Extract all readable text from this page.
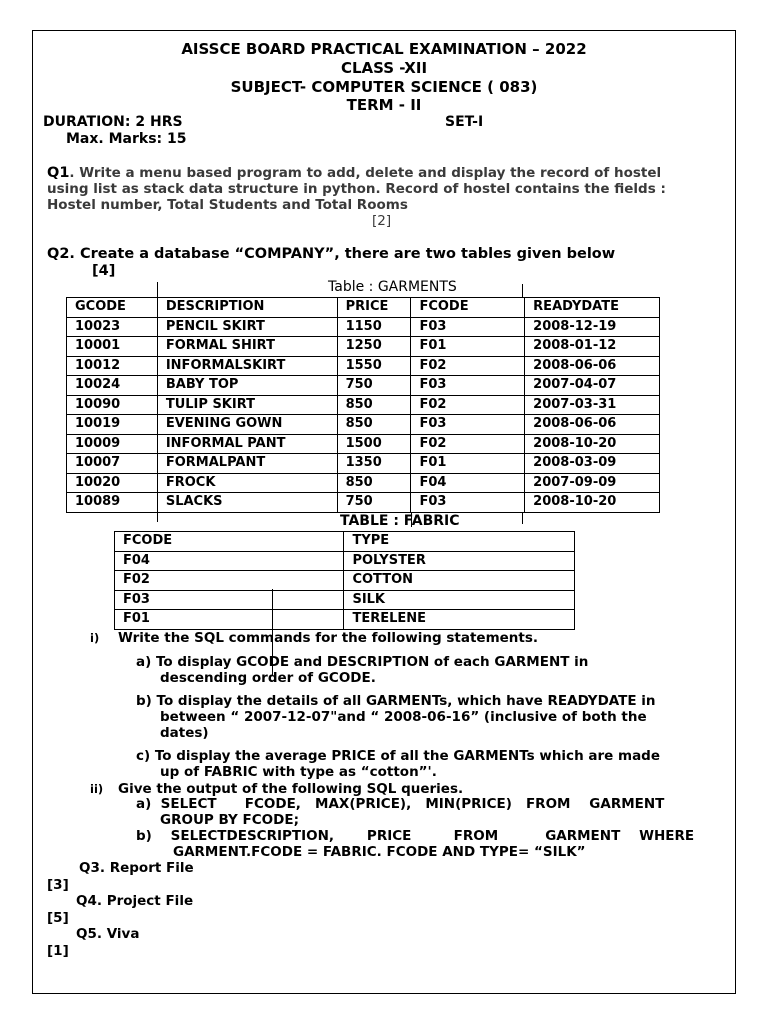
AISSCE BOARD PRACTICAL EXAMINATION – 2022
CLASS -XII
SUBJECT- COMPUTER SCIENCE ( 083)
TERM - II
DURATION: 2 HRS	SET-I
Max. Marks: 15
Q1. Write a menu based program to add, delete and display the record of hostel
using list as stack data structure in python. Record of hostel contains the fields :
Hostel number, Total Students and Total Rooms
[2]
Q2. Create a database “COMPANY”, there are two tables given below
[4]
Table : GARMENTS
GCODE	DESCRIPTION	PRICE	FCODE	READYDATE
10023	PENCIL SKIRT	1150	F03	2008-12-19
10001	FORMAL SHIRT	1250	F01	2008-01-12
10012	INFORMALSKIRT	1550	F02	2008-06-06
10024	BABY TOP	750	F03	2007-04-07
10090	TULIP SKIRT	850	F02	2007-03-31
10019	EVENING GOWN	850	F03	2008-06-06
10009	INFORMAL PANT	1500	F02	2008-10-20
10007	FORMALPANT	1350	F01	2008-03-09
10020	FROCK	850	F04	2007-09-09
10089	SLACKS	750	F03	2008-10-20
TABLE : FABRIC
FCODE	TYPE
F04	POLYSTER
F02	COTTON
F03	SILK
F01	TERELENE
i) Write the SQL commands for the following statements.
a) To display GCODE and DESCRIPTION of each GARMENT in
descending order of GCODE.
b) To display the details of all GARMENTs, which have READYDATE in
between “ 2007-12-07"and “ 2008-06-16” (inclusive of both the
dates)
c) To display the average PRICE of all the GARMENTs which are made
up of FABRIC with type as “cotton”'.
ii) Give the output of the following SQL queries.
a)  SELECT      FCODE,   MAX(PRICE),   MIN(PRICE)   FROM    GARMENT
GROUP BY FCODE;
b)    SELECTDESCRIPTION,       PRICE         FROM          GARMENT    WHERE
GARMENT.FCODE = FABRIC. FCODE AND TYPE= “SILK”
Q3. Report File
[3]
Q4. Project File
[5]
Q5. Viva
[1]
